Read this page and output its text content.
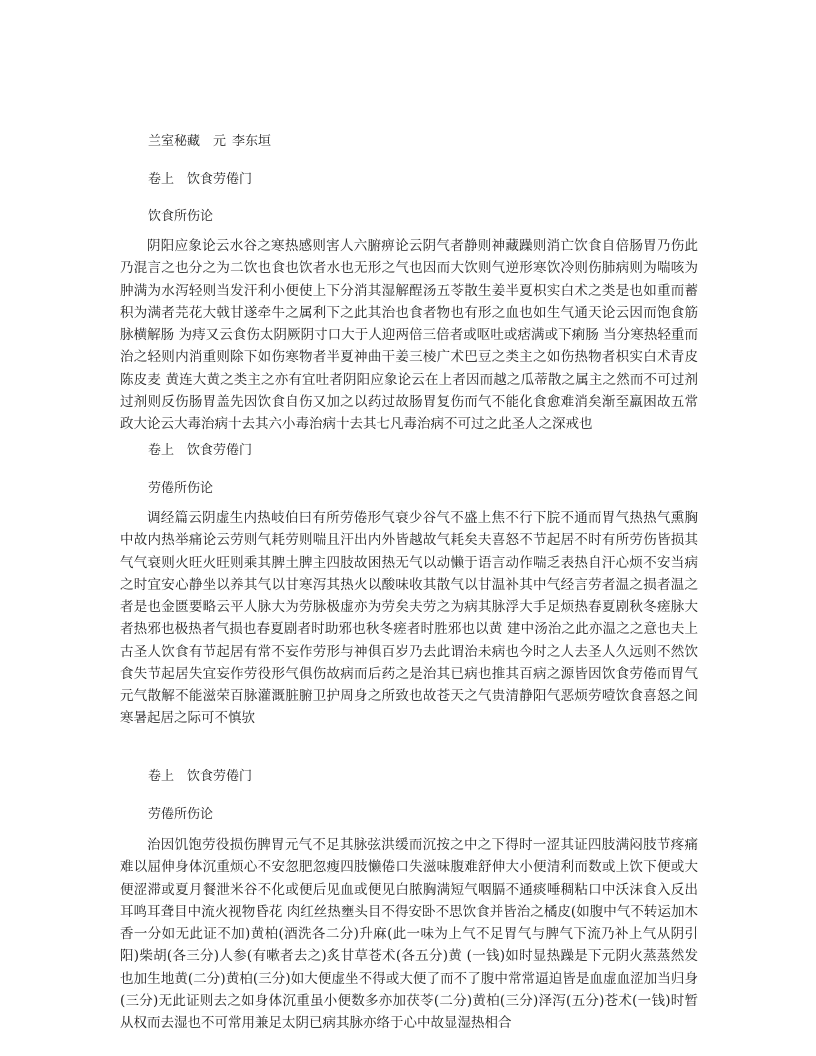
兰室秘藏 元 李东垣
卷上 饮食劳倦门
饮食所伤论

阴阳应象论云水谷之寒热感则害人六腑痹论云阴气者静则神藏躁则消亡饮食自倍肠胃乃伤此乃混言之也分之为二饮也食也饮者水也无形之气也因而大饮则气逆形寒饮冷则伤肺病则为喘咳为肿满为水泻轻则当发汗利小便使上下分消其湿解酲汤五苓散生姜半夏枳实白术之类是也如重而蓄积为满者芫花大戟甘遂牵牛之属利下之此其治也食者物也有形之血也如生气通天论云因而饱食筋脉横解肠 为痔又云食伤太阴厥阴寸口大于人迎两倍三倍者或呕吐或痞满或下痢肠 当分寒热轻重而治之轻则内消重则除下如伤寒物者半夏神曲干姜三棱广术巴豆之类主之如伤热物者枳实白术青皮陈皮麦 黄连大黄之类主之亦有宜吐者阴阳应象论云在上者因而越之瓜蒂散之属主之然而不可过剂过剂则反伤肠胃盖先因饮食自伤又加之以药过故肠胃复伤而气不能化食愈难消矣渐至羸困故五常政大论云大毒治病十去其六小毒治病十去其七凡毒治病不可过之此圣人之深戒也

卷上 饮食劳倦门
劳倦所伤论

调经篇云阴虚生内热岐伯曰有所劳倦形气衰少谷气不盛上焦不行下脘不通而胃气热热气熏胸中故内热举痛论云劳则气耗劳则喘且汗出内外皆越故气耗矣夫喜怒不节起居不时有所劳伤皆损其气气衰则火旺火旺则乘其脾土脾主四肢故困热无气以动懒于语言动作喘乏表热自汗心烦不安当病之时宜安心静坐以养其气以甘寒泻其热火以酸味收其散气以甘温补其中气经言劳者温之损者温之者是也金匮要略云平人脉大为劳脉极虚亦为劳矣夫劳之为病其脉浮大手足烦热春夏剧秋冬瘥脉大者热邪也极热者气损也春夏剧者时助邪也秋冬瘥者时胜邪也以黄 建中汤治之此亦温之之意也夫上古圣人饮食有节起居有常不妄作劳形与神俱百岁乃去此谓治未病也今时之人去圣人久远则不然饮食失节起居失宜妄作劳役形气俱伤故病而后药之是治其已病也推其百病之源皆因饮食劳倦而胃气元气散解不能滋荣百脉灌溉脏腑卫护周身之所致也故苍天之气贵清静阳气恶烦劳噎饮食喜怒之间寒暑起居之际可不慎欤

卷上 饮食劳倦门
劳倦所伤论

治因饥饱劳役损伤脾胃元气不足其脉弦洪缓而沉按之中之下得时一涩其证四肢满闷肢节疼痛难以屈伸身体沉重烦心不安忽肥忽瘦四肢懒倦口失滋味腹难舒伸大小便清利而数或上饮下便或大便涩滞或夏月餐泄米谷不化或便后见血或便见白脓胸满短气咽膈不通痰唾稠粘口中沃沫食入反出耳鸣耳聋目中流火视物昏花 肉红丝热壅头目不得安卧不思饮食并皆治之橘皮(如腹中气不转运加木香一分如无此证不加)黄柏(酒洗各二分)升麻(此一味为上气不足胃气与脾气下流乃补上气从阴引阳)柴胡(各三分)人参(有嗽者去之)炙甘草苍术(各五分)黄 (一钱)如时显热躁是下元阴火蒸蒸然发也加生地黄(二分)黄柏(三分)如大便虚坐不得或大便了而不了腹中常常逼迫皆是血虚血涩加当归身(三分)无此证则去之如身体沉重虽小便数多亦加茯苓(二分)黄柏(三分)泽泻(五分)苍术(一钱)时暂从权而去湿也不可常用兼足太阴已病其脉亦络于心中故显湿热相合
